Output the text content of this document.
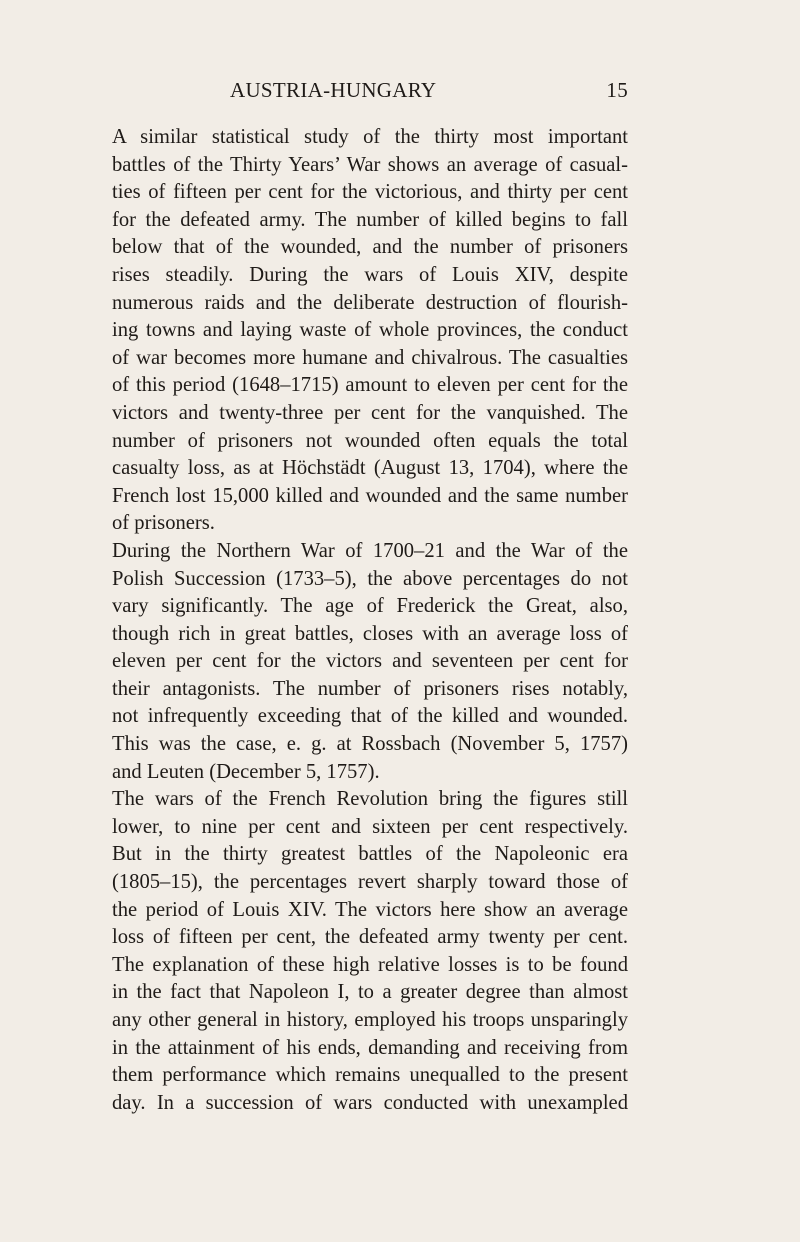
AUSTRIA-HUNGARY	15
A similar statistical study of the thirty most important
battles of the Thirty Years’ War shows an average of casual-
ties of fifteen per cent for the victorious, and thirty per cent
for the defeated army. The number of killed begins to fall
below that of the wounded, and the number of prisoners
rises steadily. During the wars of Louis XIV, despite
numerous raids and the deliberate destruction of flourish-
ing towns and laying waste of whole provinces, the conduct
of war becomes more humane and chivalrous. The casualties
of this period (1648–1715) amount to eleven per cent for the
victors and twenty-three per cent for the vanquished. The
number of prisoners not wounded often equals the total
casualty loss, as at Höchstädt (August 13, 1704), where the
French lost 15,000 killed and wounded and the same number
of prisoners.
During the Northern War of 1700–21 and the War of the
Polish Succession (1733–5), the above percentages do not
vary significantly. The age of Frederick the Great, also,
though rich in great battles, closes with an average loss of
eleven per cent for the victors and seventeen per cent for
their antagonists. The number of prisoners rises notably,
not infrequently exceeding that of the killed and wounded.
This was the case, e. g. at Rossbach (November 5, 1757)
and Leuten (December 5, 1757).
The wars of the French Revolution bring the figures still
lower, to nine per cent and sixteen per cent respectively.
But in the thirty greatest battles of the Napoleonic era
(1805–15), the percentages revert sharply toward those of
the period of Louis XIV. The victors here show an average
loss of fifteen per cent, the defeated army twenty per cent.
The explanation of these high relative losses is to be found
in the fact that Napoleon I, to a greater degree than almost
any other general in history, employed his troops unsparingly
in the attainment of his ends, demanding and receiving from
them performance which remains unequalled to the present
day. In a succession of wars conducted with unexampled
